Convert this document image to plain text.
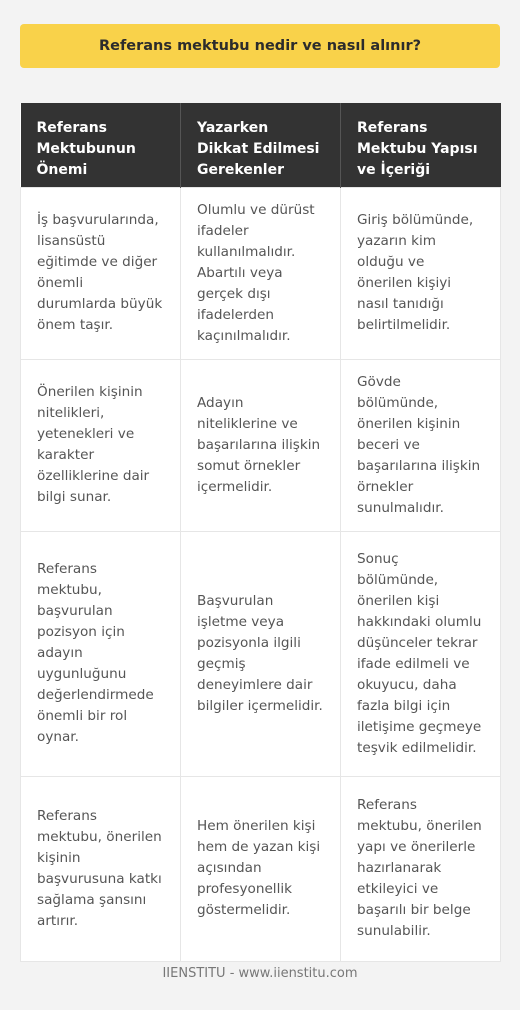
Referans mektubu nedir ve nasıl alınır?
Referans Mektubunun Önemi	Yazarken Dikkat Edilmesi Gerekenler	Referans Mektubu Yapısı ve İçeriği
İş başvurularında, lisansüstü eğitimde ve diğer önemli durumlarda büyük önem taşır.	Olumlu ve dürüst ifadeler kullanılmalıdır. Abartılı veya gerçek dışı ifadelerden kaçınılmalıdır.	Giriş bölümünde, yazarın kim olduğu ve önerilen kişiyi nasıl tanıdığı belirtilmelidir.
Önerilen kişinin nitelikleri, yetenekleri ve karakter özelliklerine dair bilgi sunar.	Adayın niteliklerine ve başarılarına ilişkin somut örnekler içermelidir.	Gövde bölümünde, önerilen kişinin beceri ve başarılarına ilişkin örnekler sunulmalıdır.
Referans mektubu, başvurulan pozisyon için adayın uygunluğunu değerlendirmede önemli bir rol oynar.	Başvurulan işletme veya pozisyonla ilgili geçmiş deneyimlere dair bilgiler içermelidir.	Sonuç bölümünde, önerilen kişi hakkındaki olumlu düşünceler tekrar ifade edilmeli ve okuyucu, daha fazla bilgi için iletişime geçmeye teşvik edilmelidir.
Referans mektubu, önerilen kişinin başvurusuna katkı sağlama şansını artırır.	Hem önerilen kişi hem de yazan kişi açısından profesyonellik göstermelidir.	Referans mektubu, önerilen yapı ve önerilerle hazırlanarak etkileyici ve başarılı bir belge sunulabilir.
IIENSTITU - www.iienstitu.com
